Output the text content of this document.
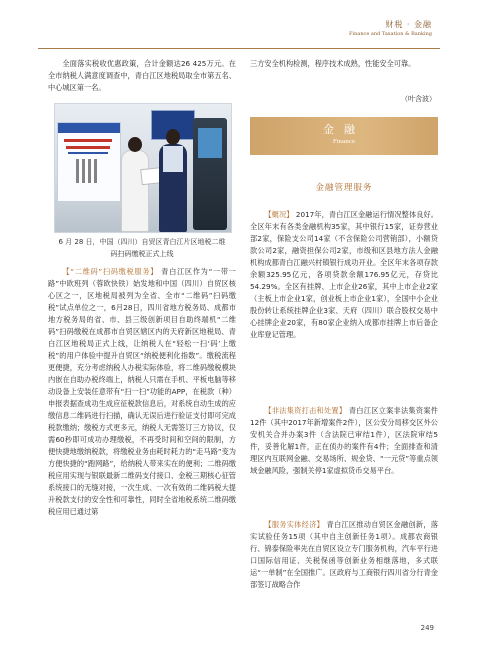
财税 · 金融
Finance and Taxation & Banking

全面落实税收优惠政策，合计金额达26 425万元。在全市纳税人满意度调查中，青白江区地税局取全市第五名、中心城区第一名。

6 月 28 日，中国（四川）自贸区青白江片区地税二维码扫码缴税正式上线

【“二维码”扫码缴税服务】 青白江区作为“一带一路”中欧班列（蓉欧快铁）始发地和中国（四川）自贸区核心区之一，区地税局被列为全省、全市“二维码”扫码缴税”试点单位之一，6月28日，四川省地方税务局、成都市地方税务局的省、市、县三级创新项目自助终端机“二维码”扫码缴税在成都市自贸区辖区内的天府新区地税局、青白江区地税局正式上线，让纳税人在“轻松一扫‘码’上缴税”的用户体验中提升自贸区“纳税便利化指数”。缴税流程更便捷，充分考虑纳税人办税实际体验，将二维码缴税模块内嵌在自助办税终端上，纳税人只需在手机、平板电脑等移动设备上安装任意带有“扫一扫”功能的APP，在税款（种）申报表据查成功生成应征税款信息后，对系统自动生成的应缴信息二维码进行扫描，确认无误后进行验证支付即可完成税款缴纳；缴税方式更多元，纳税人无需签订三方协议，仅需60秒即可成功办理缴税，不再受时间和空间的限制，方便快捷地缴纳税款，将缴税业务由耗时耗力的“走马路”变为方便快捷的“跑网路”，给纳税人带来实在的便利；二维码缴税应用实现与银联最新二维码支付接口、金税三期核心征管系统接口的无缝对接，一次生成、一次有效的二维码税大提升税款支付的安全性和可靠性，同时全省地税系统二维码缴税应用已通过第

三方安全机构检测，程序技术成熟，性能安全可靠。

（叶含波）
金融
Finance
金融管理服务

【概况】 2017年，青白江区金融运行情况整体良好。全区年末有各类金融机构35家，其中银行15家，证券营业部2家，保险支公司14家（不含保险公司营销部），小额贷款公司2家，融资担保公司2家，市级和区县地方法人金融机构成都青白江融兴村镇银行成功开业。全区年末各项存款余额325.95亿元，各项贷款余额176.95亿元，存贷比54.29%。全区有挂牌、上市企业26家，其中上市企业2家（主板上市企业1家，创业板上市企业1家），全国中小企业股份转让系统挂牌企业3家、天府（四川）联合股权交易中心挂牌企业20家，有80家企业纳入成都市挂牌上市后备企业库登记管理。

【非法集资打击和处置】 青白江区立案非法集资案件12件（其中2017年新增案件2件），区公安分局移交区外公安机关合并办案3件（含法院已审结1件），区法院审结5件，妥善化解1件，正在侦办的案件有4件；全面排查和清理区内互联网金融、交易场所、规金贷、“一元贷”等重点领域金融风险，强制关停1家虚拟货币交易平台。

【服务实体经济】 青白江区推动自贸区金融创新，落实试验任务15项（其中自主创新任务1项）。成都农商银行、锦泰保险率先在自贸区设立专门服务机构，汽车平行进口国际信用证、关税保函等创新业务相继落地，多式联运“一单制”在全国推广。区政府与工商银行四川省分行青金部签订战略合作

249
